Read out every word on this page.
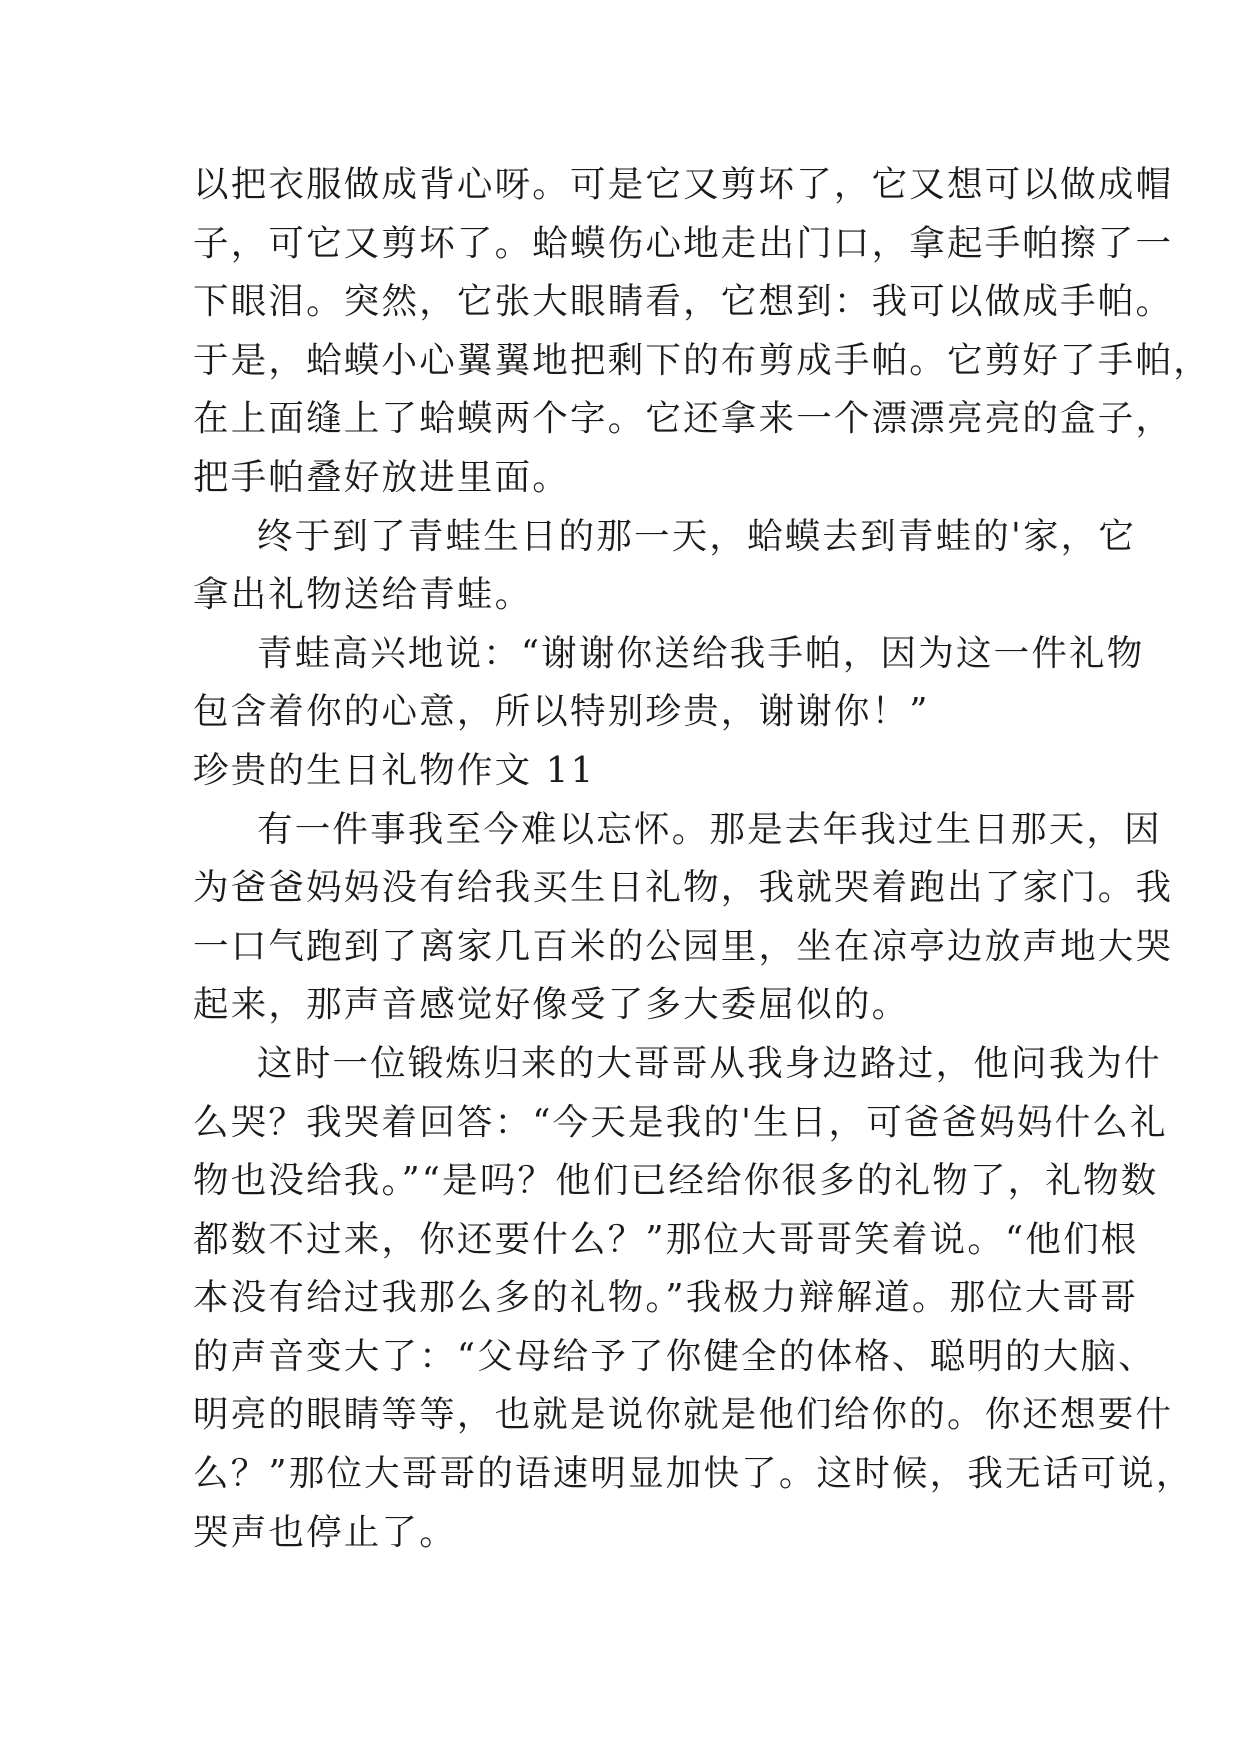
以把衣服做成背心呀。可是它又剪坏了，它又想可以做成帽
子，可它又剪坏了。蛤蟆伤心地走出门口，拿起手帕擦了一
下眼泪。突然，它张大眼睛看，它想到：我可以做成手帕。
于是，蛤蟆小心翼翼地把剩下的布剪成手帕。它剪好了手帕，
在上面缝上了蛤蟆两个字。它还拿来一个漂漂亮亮的盒子，
把手帕叠好放进里面。
终于到了青蛙生日的那一天，蛤蟆去到青蛙的'家，它
拿出礼物送给青蛙。
青蛙高兴地说：“谢谢你送给我手帕，因为这一件礼物
包含着你的心意，所以特别珍贵，谢谢你！”
珍贵的生日礼物作文 11
有一件事我至今难以忘怀。那是去年我过生日那天，因
为爸爸妈妈没有给我买生日礼物，我就哭着跑出了家门。我
一口气跑到了离家几百米的公园里，坐在凉亭边放声地大哭
起来，那声音感觉好像受了多大委屈似的。
这时一位锻炼归来的大哥哥从我身边路过，他问我为什
么哭？我哭着回答：“今天是我的'生日，可爸爸妈妈什么礼
物也没给我。”“是吗？他们已经给你很多的礼物了，礼物数
都数不过来，你还要什么？”那位大哥哥笑着说。“他们根
本没有给过我那么多的礼物。”我极力辩解道。那位大哥哥
的声音变大了：“父母给予了你健全的体格、聪明的大脑、
明亮的眼睛等等，也就是说你就是他们给你的。你还想要什
么？”那位大哥哥的语速明显加快了。这时候，我无话可说，
哭声也停止了。
